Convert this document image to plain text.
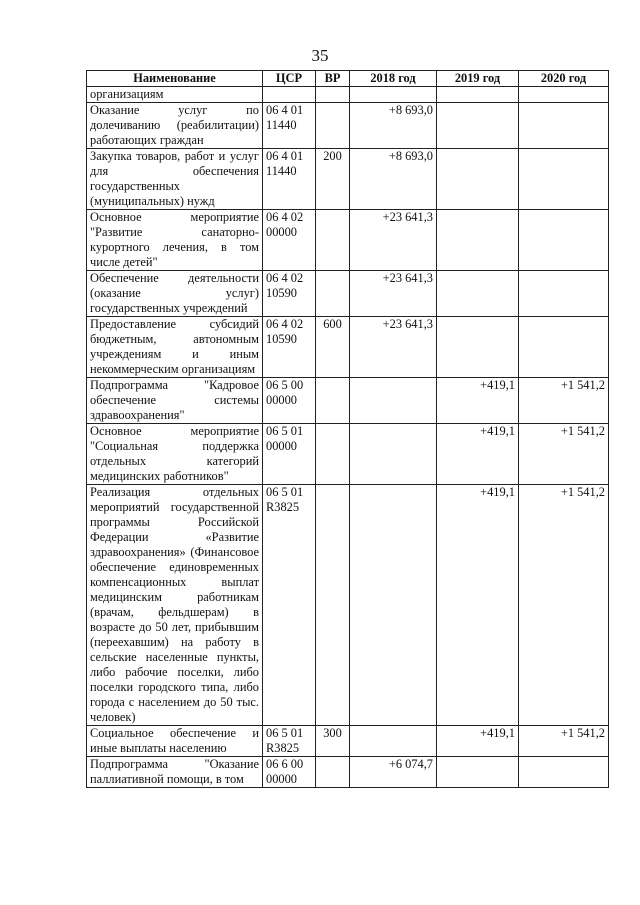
35
Наименование	ЦСР	ВР	2018 год	2019 год	2020 год
организациям					
Оказание услуг по долечиванию (реабилитации) работающих граждан	06 4 01 11440		+8 693,0		
Закупка товаров, работ и услуг для обеспечения государственных (муниципальных) нужд	06 4 01 11440	200	+8 693,0		
Основное мероприятие "Развитие санаторно-курортного лечения, в том числе детей"	06 4 02 00000		+23 641,3		
Обеспечение деятельности (оказание услуг) государственных учреждений	06 4 02 10590		+23 641,3		
Предоставление субсидий бюджетным, автономным учреждениям и иным некоммерческим организациям	06 4 02 10590	600	+23 641,3		
Подпрограмма "Кадровое обеспечение системы здравоохранения"	06 5 00 00000			+419,1	+1 541,2
Основное мероприятие "Социальная поддержка отдельных категорий медицинских работников"	06 5 01 00000			+419,1	+1 541,2
Реализация отдельных мероприятий государственной программы Российской Федерации «Развитие здравоохранения» (Финансовое обеспечение единовременных компенсационных выплат медицинским работникам (врачам, фельдшерам) в возрасте до 50 лет, прибывшим (переехавшим) на работу в сельские населенные пункты, либо рабочие поселки, либо поселки городского типа, либо города с населением до 50 тыс. человек)	06 5 01 R3825			+419,1	+1 541,2
Социальное обеспечение и иные выплаты населению	06 5 01 R3825	300		+419,1	+1 541,2
Подпрограмма "Оказание паллиативной помощи, в том	06 6 00 00000		+6 074,7		
